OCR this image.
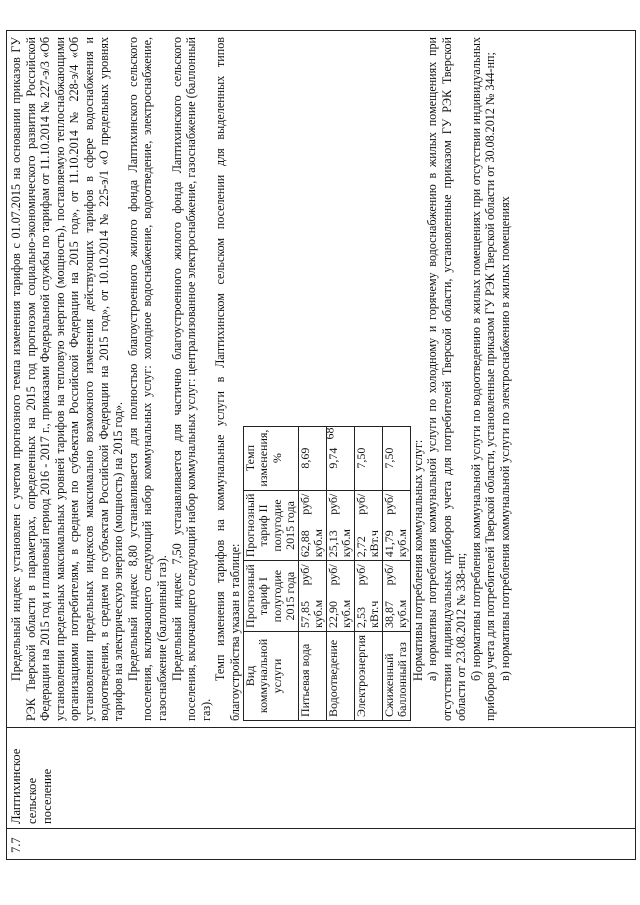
68
7.7	Лаптихинское сельское поселение	

Предельный индекс установлен с учетом прогнозного темпа изменения тарифов с 01.07.2015 на основании приказов ГУ РЭК Тверской области в параметрах, определенных на 2015 год прогнозом социально-экономического развития Российской Федерации на 2015 год и плановый период 2016 - 2017 г., приказами Федеральной службы по тарифам от 11.10.2014 № 227-э/3 «Об установлении предельных максимальных уровней тарифов на тепловую энергию (мощность), поставляемую теплоснабжающими организациями потребителям, в среднем по субъектам Российской Федерации на 2015 год», от 11.10.2014 № 228-э/4 «Об установлении предельных индексов максимально возможного изменения действующих тарифов в сфере водоснабжения и водоотведения, в среднем по субъектам Российской Федерации на 2015 год», от 10.10.2014 № 225-э/1 «О предельных уровнях тарифов на электрическую энергию (мощность) на 2015 год». Предельный индекс 8,80 устанавливается для полностью благоустроенного жилого фонда Лаптихинского сельского поселения, включающего следующий набор коммунальных услуг: холодное водоснабжение, водоотведение, электроснабжение, газоснабжение (баллонный газ). Предельный индекс 7,50 устанавливается для частично благоустроенного жилого фонда Лаптихинского сельского поселения, включающего следующий набор коммунальных услуг: централизованное электроснабжение, газоснабжение (баллонный газ).

Темп изменения тарифов на коммунальные услуги в Лаптихинском сельском поселении для выделенных типов благоустройства указан в таблице: Вид коммунальной услуги	Прогнозный тариф I полугодие 2015 года	Прогнозный тариф II полугодие 2015 года	Темп изменения, %
Питьевая вода	57,85 руб/куб.м	62,88 руб/куб.м	8,69
Водоотведение	22,90 руб/куб.м	25,13 руб/куб.м	9,74
Электроэнергия	2,53 руб/кВт.ч	2,72 руб/кВт.ч	7,50
Сжиженный баллонный газ	38,87 руб/куб.м	41,79 руб/куб.м	7,50 Нормативы потребления коммунальных услуг: а) нормативы потребления коммунальной услуги по холодному и горячему водоснабжению в жилых помещениях при отсутствии индивидуальных приборов учета для потребителей Тверской области, установленные приказом ГУ РЭК Тверской области от 23.08.2012 № 338-нп; б) нормативы потребления коммунальной услуги по водоотведению в жилых помещениях при отсутствии индивидуальных приборов учета для потребителей Тверской области, установленные приказом ГУ РЭК Тверской области от 30.08.2012 № 344-нп; в) нормативы потребления коммунальной услуги по электроснабжению в жилых помещениях
